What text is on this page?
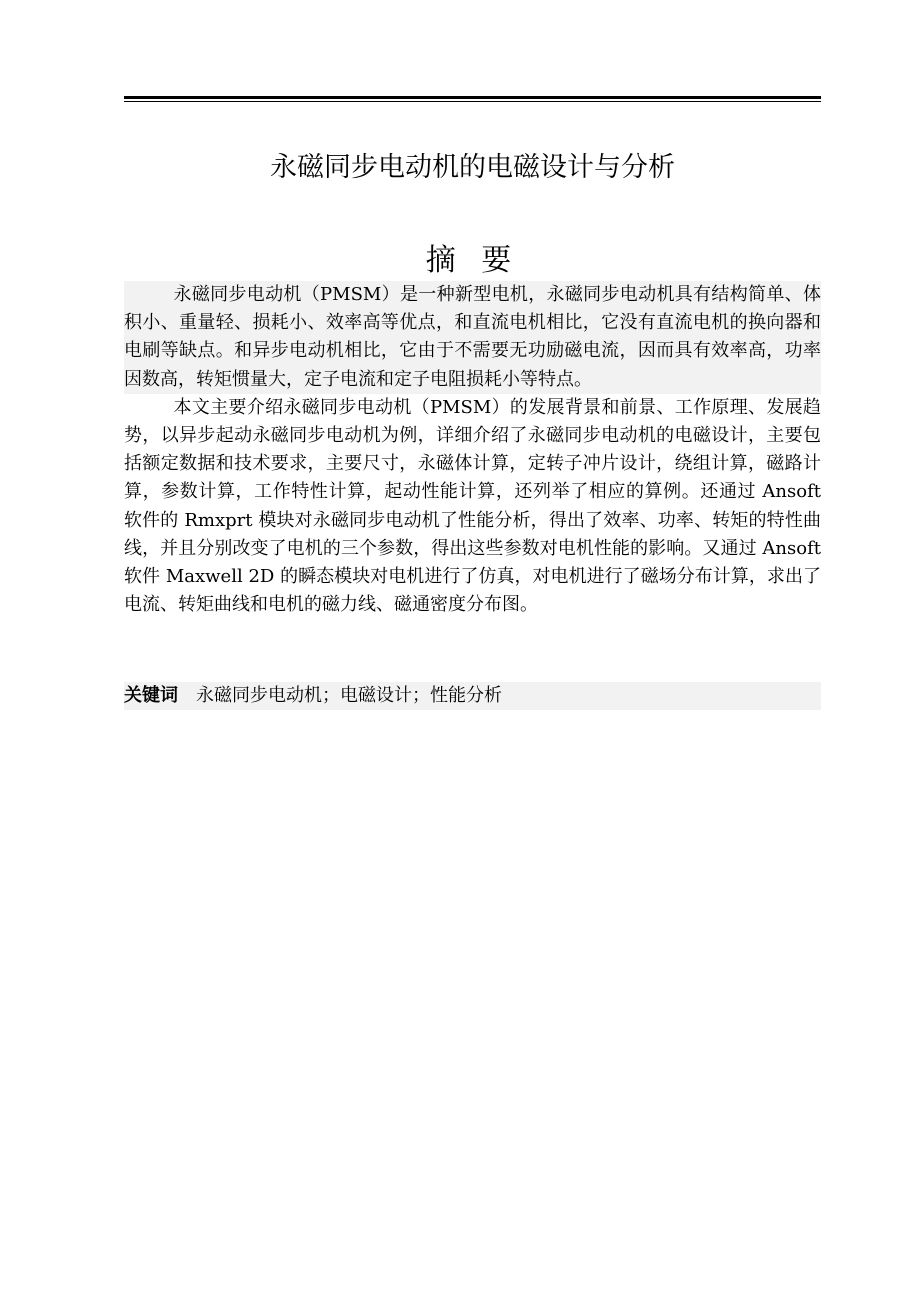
永磁同步电动机的电磁设计与分析
摘 要

永磁同步电动机（PMSM）是一种新型电机，永磁同步电动机具有结构简单、体积小、重量轻、损耗小、效率高等优点，和直流电机相比，它没有直流电机的换向器和电刷等缺点。和异步电动机相比，它由于不需要无功励磁电流，因而具有效率高，功率因数高，转矩惯量大，定子电流和定子电阻损耗小等特点。

本文主要介绍永磁同步电动机（PMSM）的发展背景和前景、工作原理、发展趋势，以异步起动永磁同步电动机为例，详细介绍了永磁同步电动机的电磁设计，主要包括额定数据和技术要求，主要尺寸，永磁体计算，定转子冲片设计，绕组计算，磁路计算，参数计算，工作特性计算，起动性能计算，还列举了相应的算例。还通过 Ansoft 软件的 Rmxprt 模块对永磁同步电动机了性能分析，得出了效率、功率、转矩的特性曲线，并且分别改变了电机的三个参数，得出这些参数对电机性能的影响。又通过 Ansoft 软件 Maxwell 2D 的瞬态模块对电机进行了仿真，对电机进行了磁场分布计算，求出了电流、转矩曲线和电机的磁力线、磁通密度分布图。

关键词 永磁同步电动机；电磁设计；性能分析
